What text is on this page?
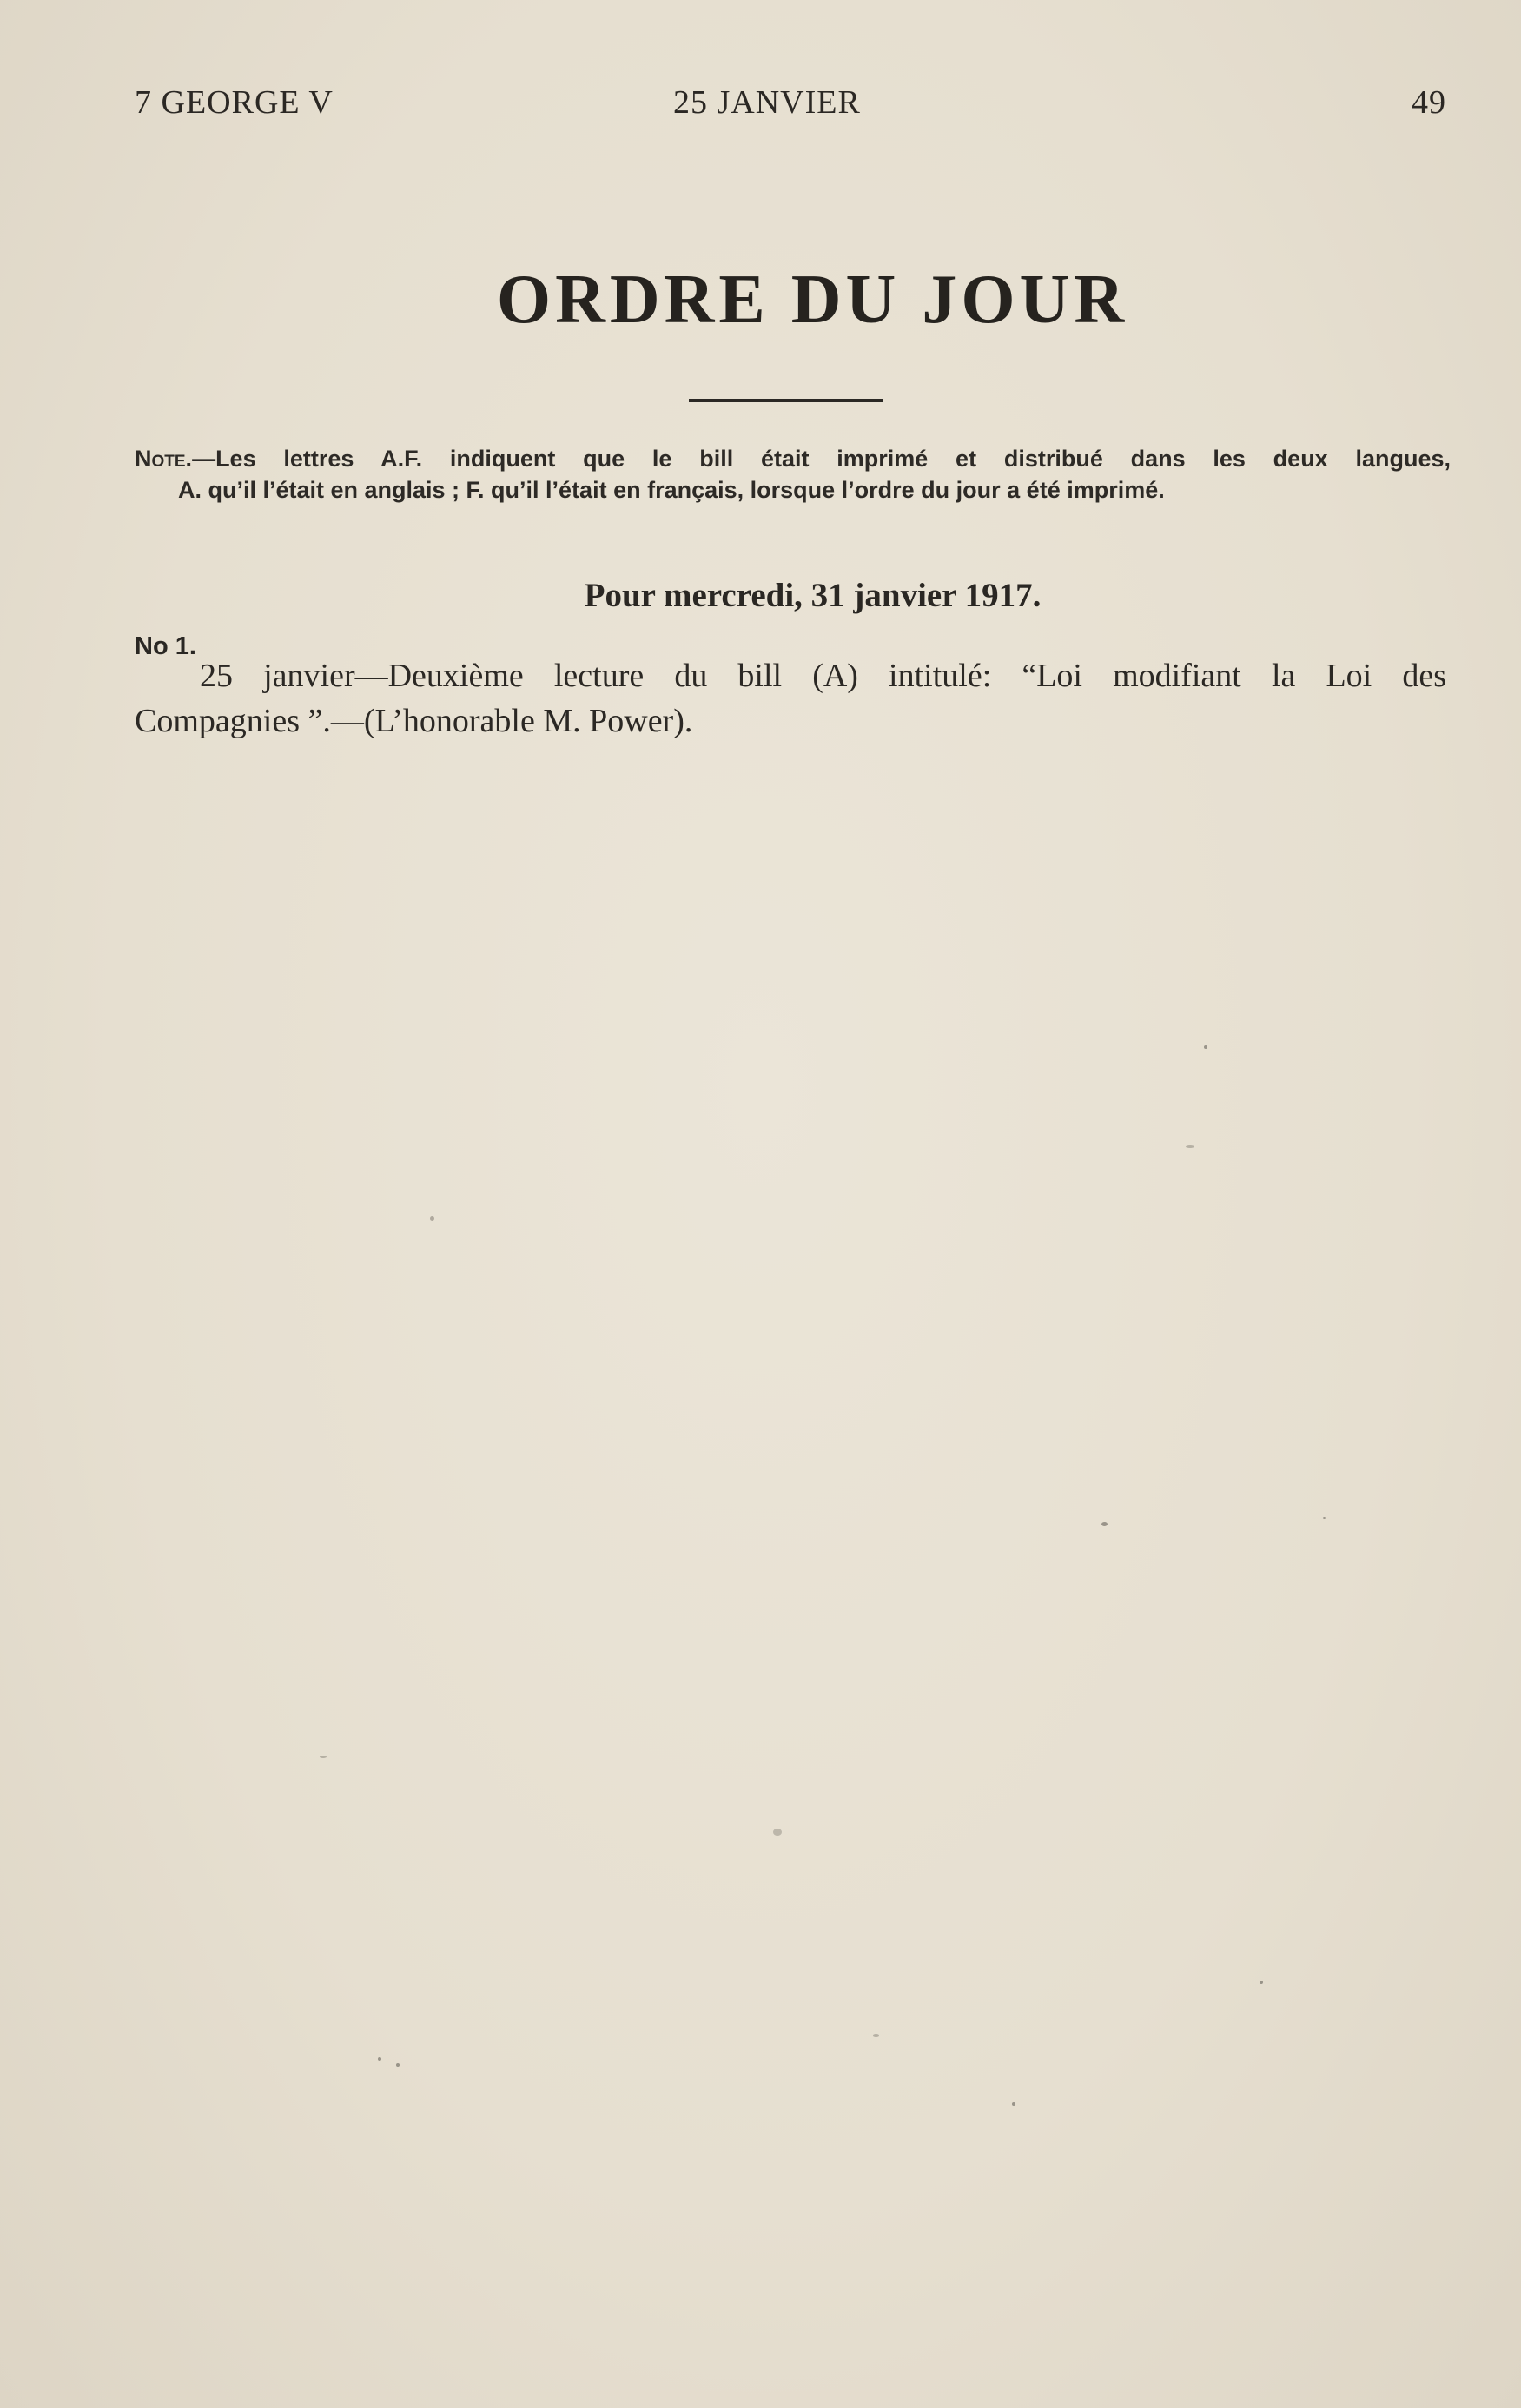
7 GEORGE V	25 JANVIER	49
ORDRE DU JOUR
Note.—Les lettres A.F. indiquent que le bill était imprimé et distribué dans les deux langues,
A. qu’il l’était en anglais ; F. qu’il l’était en français, lorsque l’ordre du jour a été imprimé.
Pour mercredi, 31 janvier 1917.
No 1.
25 janvier—Deuxième lecture du bill (A) intitulé: “Loi modifiant la Loi des
Compagnies ”.—(L’honorable M. Power).
